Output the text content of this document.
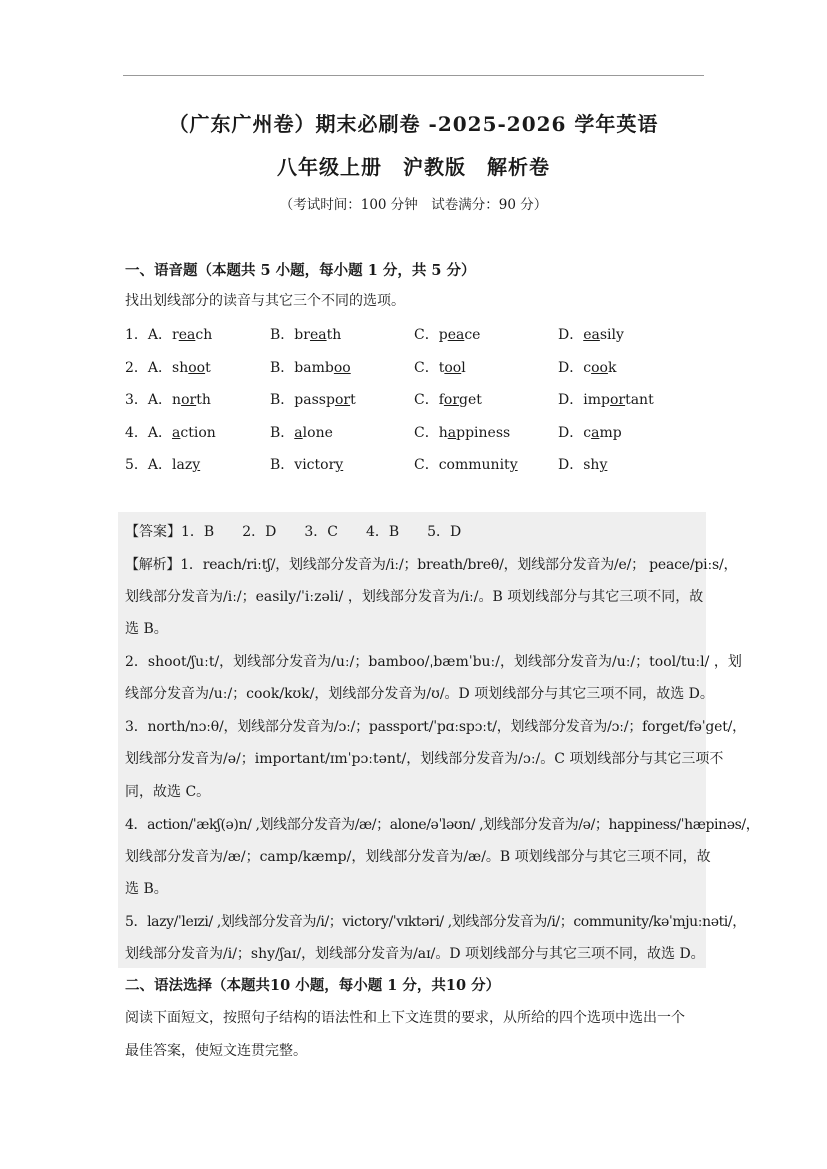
（广东广州卷）期末必刷卷 -2025-2026 学年英语
八年级上册　沪教版　解析卷
（考试时间：100 分钟　试卷满分：90 分）
一、语音题（本题共 5 小题，每小题 1 分，共 5 分）
找出划线部分的读音与其它三个不同的选项。
1．A．reach	B．breath	C．peace	D．easily
2．A．shoot	B．bamboo	C．tool	D．cook
3．A．north	B．passport	C．forget	D．important
4．A．action	B．alone	C．happiness	D．camp
5．A．lazy	B．victory	C．community	D．shy
【答案】1．B　　2．D　　3．C　　4．B　　5．D
【解析】1．reach/riːtʃ/，划线部分发音为/iː/；breath/breθ/，划线部分发音为/e/； peace/piːs/，
划线部分发音为/iː/；easily/ˈiːzəli/ ，划线部分发音为/iː/。B 项划线部分与其它三项不同，故
选 B。
2．shoot/ʃuːt/，划线部分发音为/uː/；bamboo/ˌbæmˈbuː/，划线部分发音为/uː/；tool/tuːl/ ，划
线部分发音为/uː/；cook/kʊk/，划线部分发音为/ʊ/。D 项划线部分与其它三项不同，故选 D。
3．north/nɔːθ/，划线部分发音为/ɔː/；passport/ˈpɑːspɔːt/，划线部分发音为/ɔː/；forget/fəˈget/，
划线部分发音为/ə/；important/ɪmˈpɔːtənt/，划线部分发音为/ɔː/。C 项划线部分与其它三项不
同，故选 C。
4．action/ˈækʃ(ə)n/ ,划线部分发音为/æ/；alone/əˈləʊn/ ,划线部分发音为/ə/；happiness/ˈhæpinəs/，
划线部分发音为/æ/；camp/kæmp/，划线部分发音为/æ/。B 项划线部分与其它三项不同，故
选 B。
5．lazy/ˈleɪzi/ ,划线部分发音为/i/；victory/ˈvɪktəri/ ,划线部分发音为/i/；community/kəˈmjuːnəti/，
划线部分发音为/i/；shy/ʃaɪ/，划线部分发音为/aɪ/。D 项划线部分与其它三项不同，故选 D。
二、语法选择（本题共10 小题，每小题 1 分，共10 分）
阅读下面短文，按照句子结构的语法性和上下文连贯的要求，从所给的四个选项中选出一个
最佳答案，使短文连贯完整。
